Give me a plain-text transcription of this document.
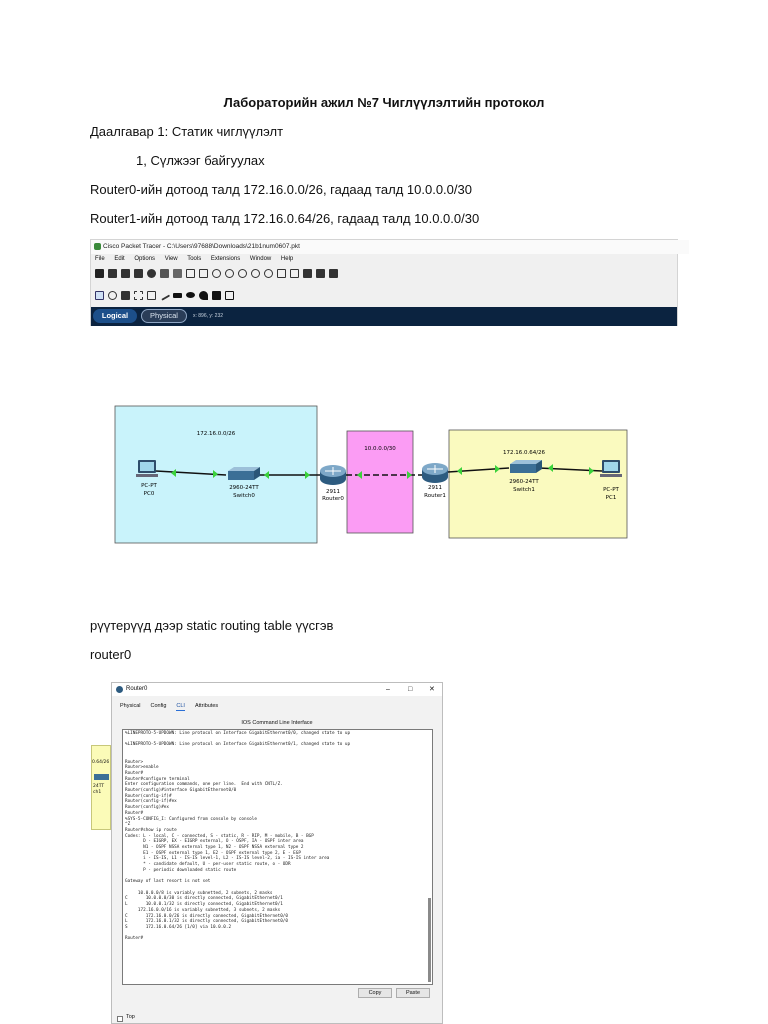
Лабораторийн ажил №7 Чиглүүлэлтийн протокол
Даалгавар 1: Статик чиглүүлэлт
1, Сүлжээг байгуулах
Router0-ийн дотоод талд 172.16.0.0/26, гадаад талд 10.0.0.0/30
Router1-ийн дотоод талд 172.16.0.64/26, гадаад талд 10.0.0.0/30
Cisco Packet Tracer - C:\Users\97688\Downloads\21b1num0607.pkt
File Edit Options View Tools Extensions Window Help
Logical	Physical	x: 896, y: 232
172.16.0.0/26
10.0.0.0/30
172.16.0.64/26
PC-PT
PC0
2960-24TT
Switch0
2911
Router0
2911
Router1
2960-24TT
Switch1	PC-PT
PC1
рүүтерүүд дээр static routing table үүсгэв
router0
0.64/26
24TT
ch1
Router0	–	□ ✕
Physical Config CLI Attributes
IOS Command Line Interface
%LINEPROTO-5-UPDOWN: Line protocol on Interface GigabitEthernet0/0, changed state to up

%LINEPROTO-5-UPDOWN: Line protocol on Interface GigabitEthernet0/1, changed state to up

Router>
Router>enable
Router#
Router#configure terminal
Enter configuration commands, one per line.  End with CNTL/Z.
Router(config)#interface GigabitEthernet0/0
Router(config-if)#
Router(config-if)#ex
Router(config)#ex
Router#
%SYS-5-CONFIG_I: Configured from console by console
^Z
Router#show ip route
Codes: L - local, C - connected, S - static, R - RIP, M - mobile, B - BGP
D - EIGRP, EX - EIGRP external, O - OSPF, IA - OSPF inter area
N1 - OSPF NSSA external type 1, N2 - OSPF NSSA external type 2
E1 - OSPF external type 1, E2 - OSPF external type 2, E - EGP
i - IS-IS, L1 - IS-IS level-1, L2 - IS-IS level-2, ia - IS-IS inter area
* - candidate default, U - per-user static route, o - ODR
P - periodic downloaded static route

Gateway of last resort is not set

10.0.0.0/8 is variably subnetted, 2 subnets, 2 masks
C       10.0.0.0/30 is directly connected, GigabitEthernet0/1
L       10.0.0.1/32 is directly connected, GigabitEthernet0/1
172.16.0.0/16 is variably subnetted, 3 subnets, 2 masks
C       172.16.0.0/26 is directly connected, GigabitEthernet0/0
L       172.16.0.1/32 is directly connected, GigabitEthernet0/0
S       172.16.0.64/26 [1/0] via 10.0.0.2

Router#
Copy	Paste
Top
